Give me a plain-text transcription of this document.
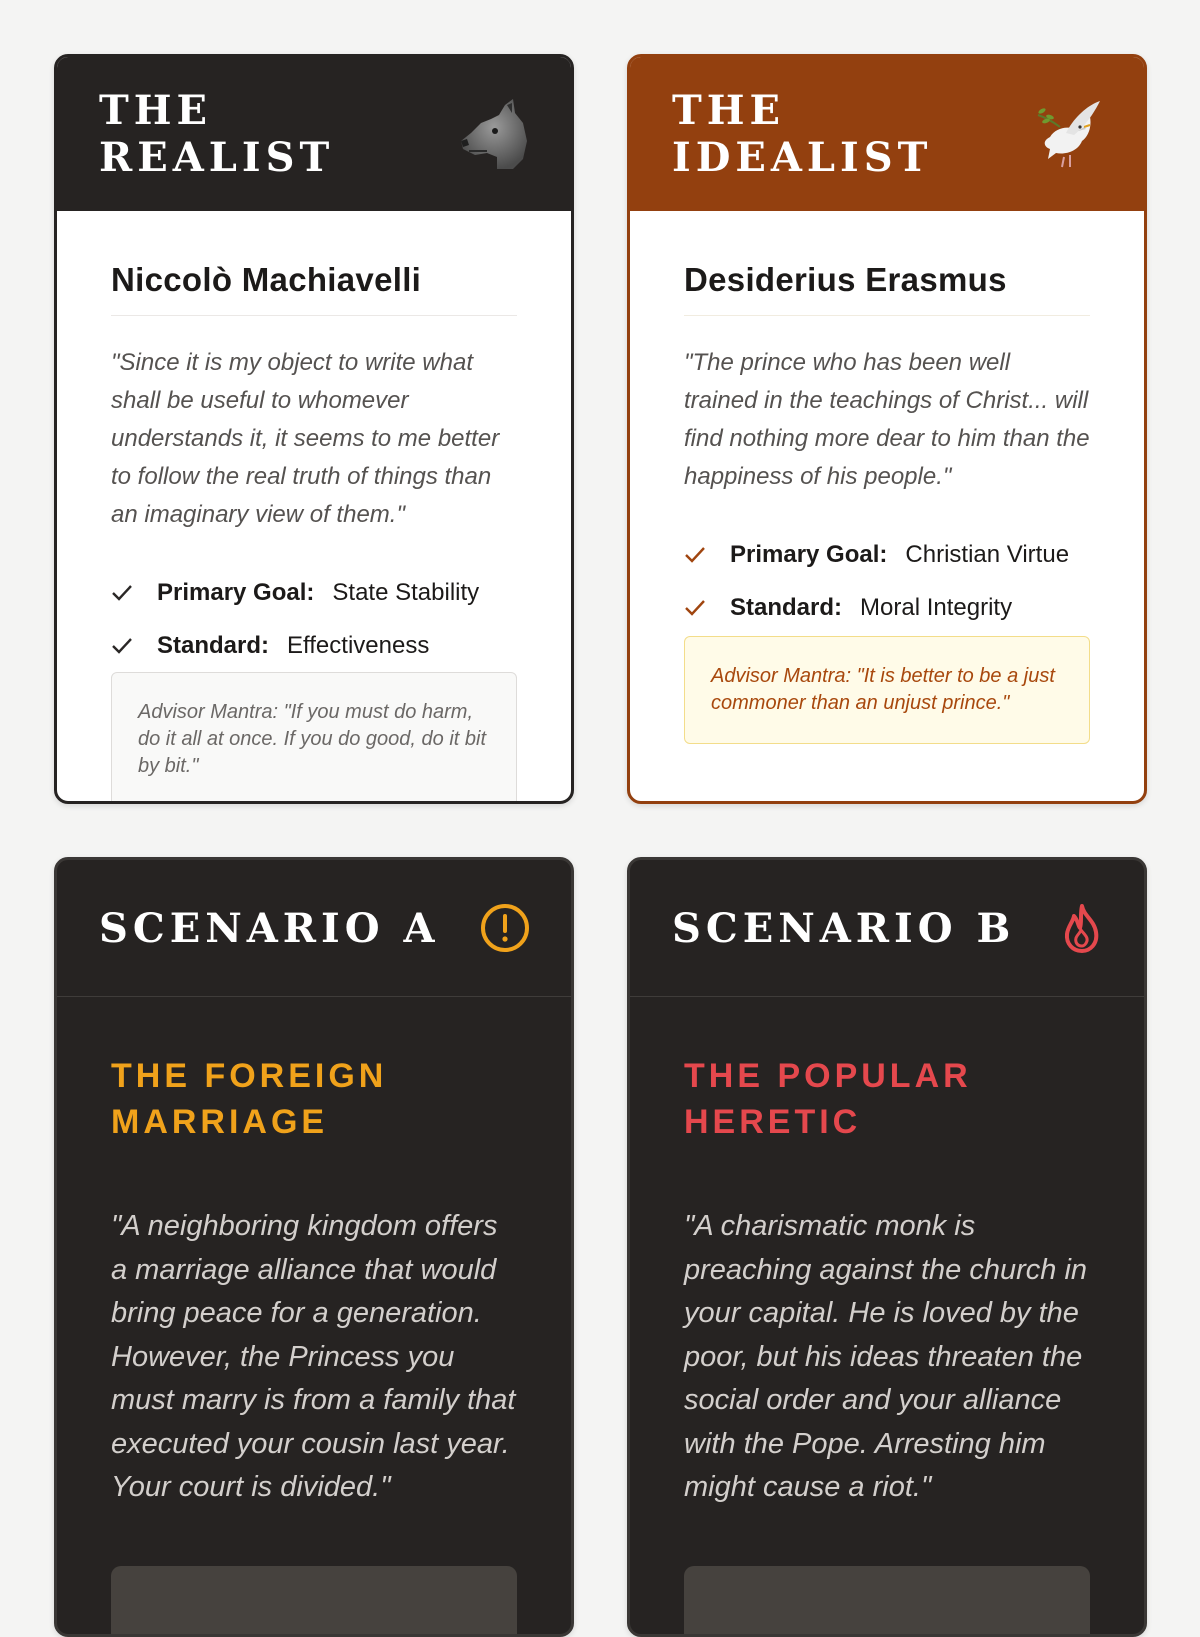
THE REALIST
Niccolò Machiavelli

"Since it is my object to write what shall be useful to whomever understands it, it seems to me better to follow the real truth of things than an imaginary view of them."

Primary Goal: State Stability
Standard: Effectiveness
Advisor Mantra: "If you must do harm, do it all at once. If you do good, do it bit by bit."
THE IDEALIST
Desiderius Erasmus

"The prince who has been well trained in the teachings of Christ... will find nothing more dear to him than the happiness of his people."

Primary Goal: Christian Virtue
Standard: Moral Integrity
Advisor Mantra: "It is better to be a just commoner than an unjust prince."
SCENARIO A
THE FOREIGN MARRIAGE

"A neighboring kingdom offers a marriage alliance that would bring peace for a generation. However, the Princess you must marry is from a family that executed your cousin last year. Your court is divided."

SCENARIO B
THE POPULAR HERETIC

"A charismatic monk is preaching against the church in your capital. He is loved by the poor, but his ideas threaten the social order and your alliance with the Pope. Arresting him might cause a riot."
